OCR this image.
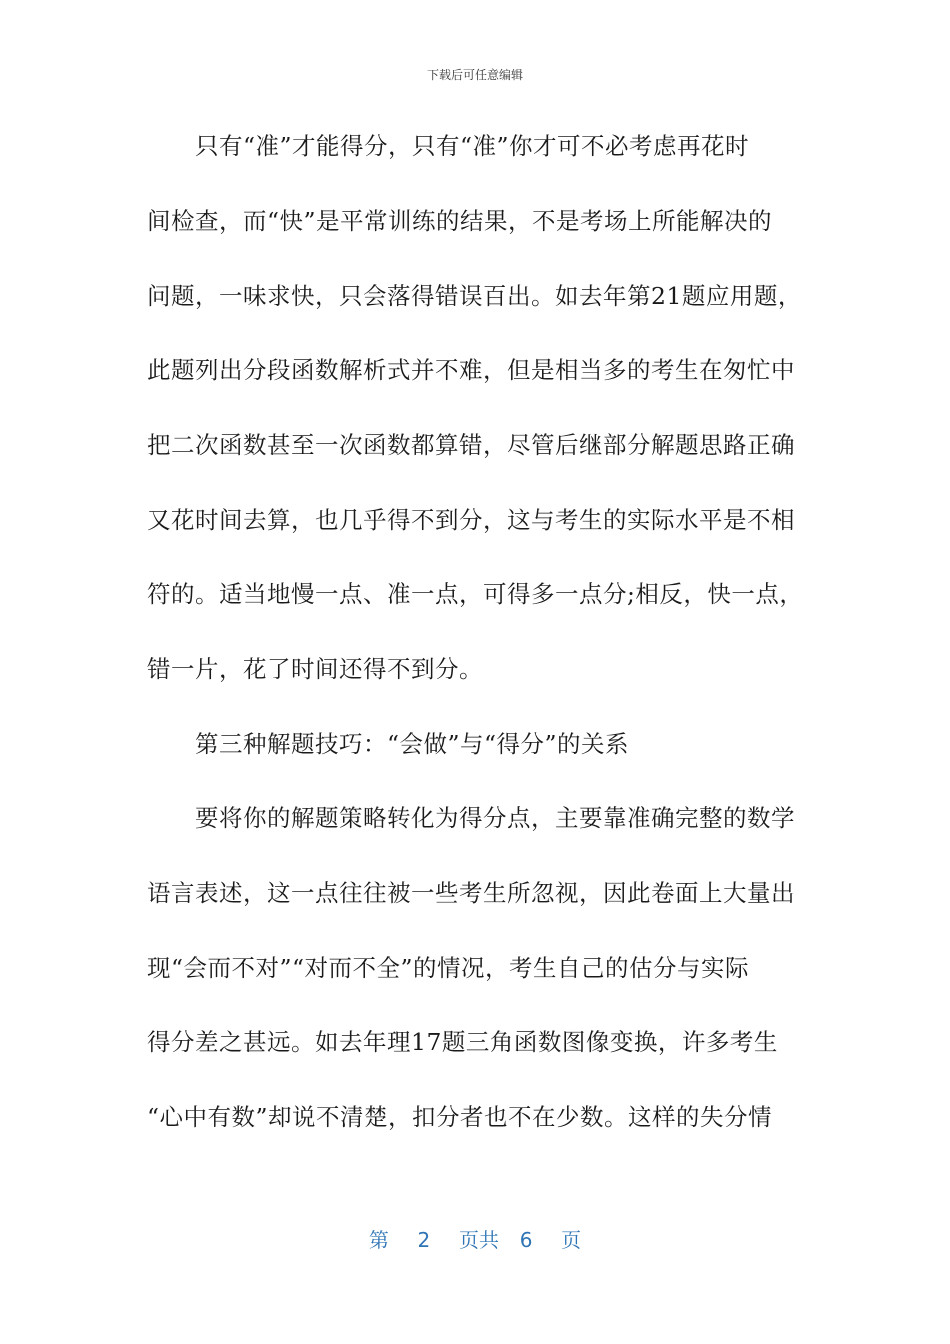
下载后可任意编辑
　　只有“准”才能得分，只有“准”你才可不必考虑再花时
间检查，而“快”是平常训练的结果，不是考场上所能解决的
问题，一味求快，只会落得错误百出。如去年第21题应用题，
此题列出分段函数解析式并不难，但是相当多的考生在匆忙中
把二次函数甚至一次函数都算错，尽管后继部分解题思路正确
又花时间去算，也几乎得不到分，这与考生的实际水平是不相
符的。适当地慢一点、准一点，可得多一点分;相反，快一点，
错一片，花了时间还得不到分。
　　第三种解题技巧：“会做”与“得分”的关系
　　要将你的解题策略转化为得分点，主要靠准确完整的数学
语言表述，这一点往往被一些考生所忽视，因此卷面上大量出
现“会而不对”“对而不全”的情况，考生自己的估分与实际
得分差之甚远。如去年理17题三角函数图像变换，许多考生
“心中有数”却说不清楚，扣分者也不在少数。这样的失分情
第 2 页共 6 页
